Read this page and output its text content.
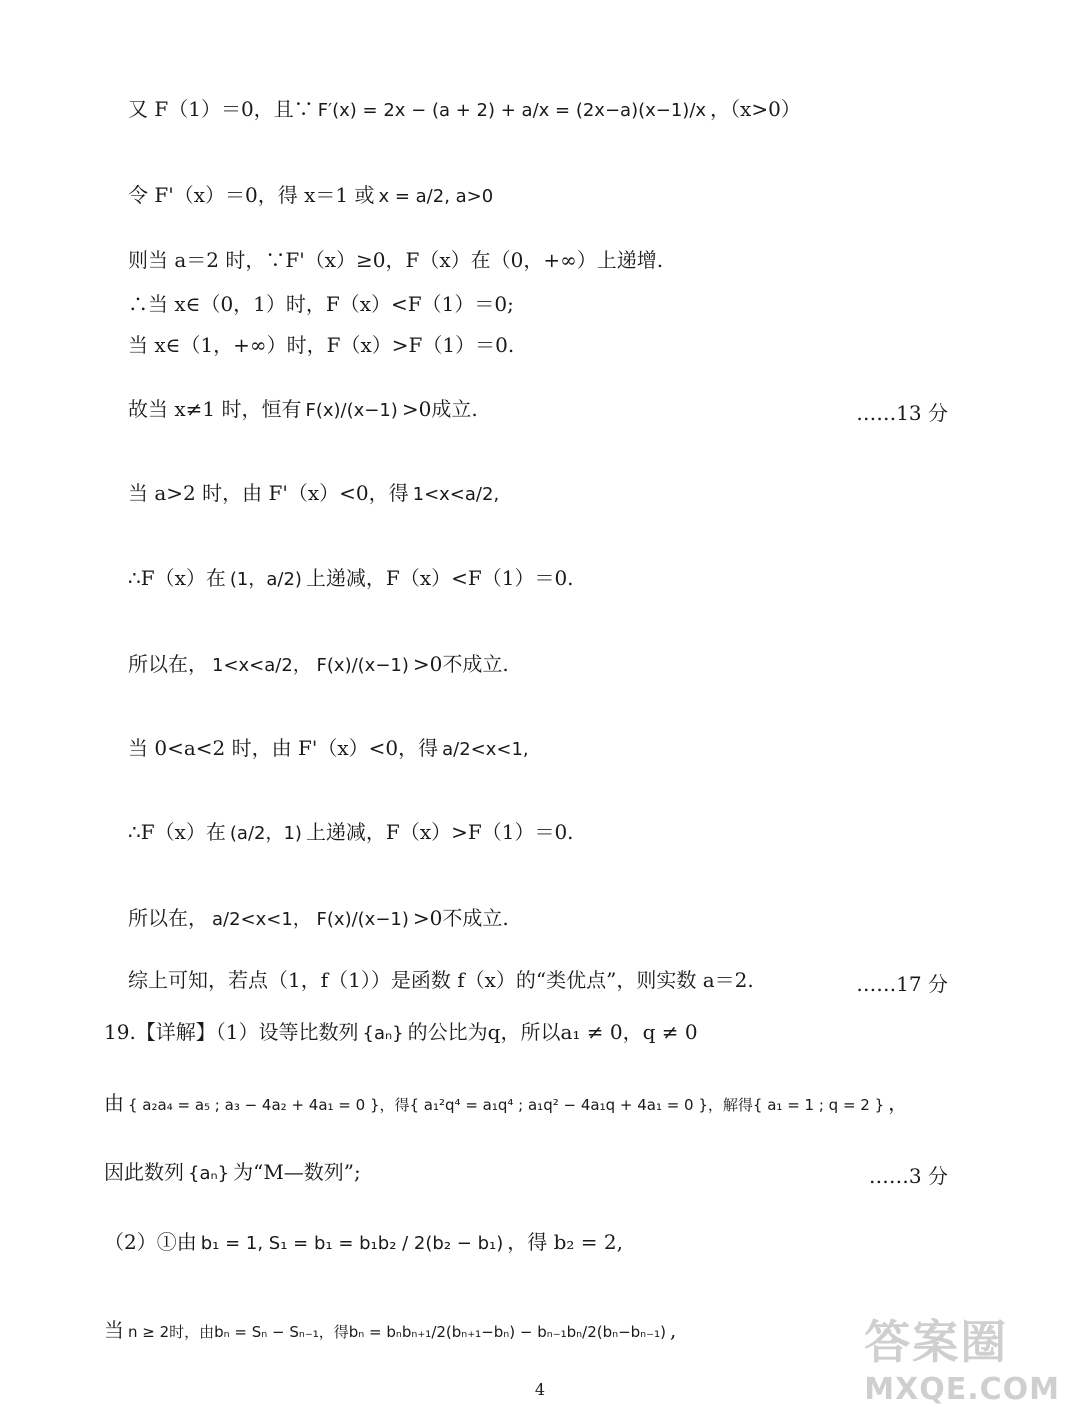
又 F（1）＝0，且∵ F′(x) = 2x − (a + 2) + a/x = (2x−a)(x−1)/x ，（x>0）
令 F'（x）＝0，得 x＝1 或 x = a/2, a>0
则当 a＝2 时，∵F'（x）≥0，F（x）在（0，+∞）上递增.
∴当 x∈（0，1）时，F（x）<F（1）＝0;
当 x∈（1，+∞）时，F（x）>F（1）＝0.
故当 x≠1 时，恒有 F(x)/(x−1) >0成立.	……13 分
当 a>2 时，由 F'（x）<0，得 1<x<a/2,
∴F（x）在 (1，a/2) 上递减，F（x）<F（1）＝0.
所以在， 1<x<a/2， F(x)/(x−1) >0不成立.
当 0<a<2 时，由 F'（x）<0，得 a/2<x<1,
∴F（x）在 (a/2，1) 上递减，F（x）>F（1）＝0.
所以在， a/2<x<1， F(x)/(x−1) >0不成立.
综上可知，若点（1，f（1））是函数 f（x）的“类优点”，则实数 a＝2.	……17 分
19.【详解】（1）设等比数列 {aₙ} 的公比为q，所以a₁ ≠ 0，q ≠ 0
由 { a₂a₄ = a₅ ; a₃ − 4a₂ + 4a₁ = 0 }，得{ a₁²q⁴ = a₁q⁴ ; a₁q² − 4a₁q + 4a₁ = 0 }，解得{ a₁ = 1 ; q = 2 } ，
因此数列 {aₙ} 为“M—数列”;	……3 分
（2）①由 b₁ = 1, S₁ = b₁ = b₁b₂ / 2(b₂ − b₁) ，得 b₂ = 2,
当 n ≥ 2时，由bₙ = Sₙ − Sₙ₋₁，得bₙ = bₙbₙ₊₁/2(bₙ₊₁−bₙ) − bₙ₋₁bₙ/2(bₙ−bₙ₋₁) ,
4
答案圈
MXQE.COM
